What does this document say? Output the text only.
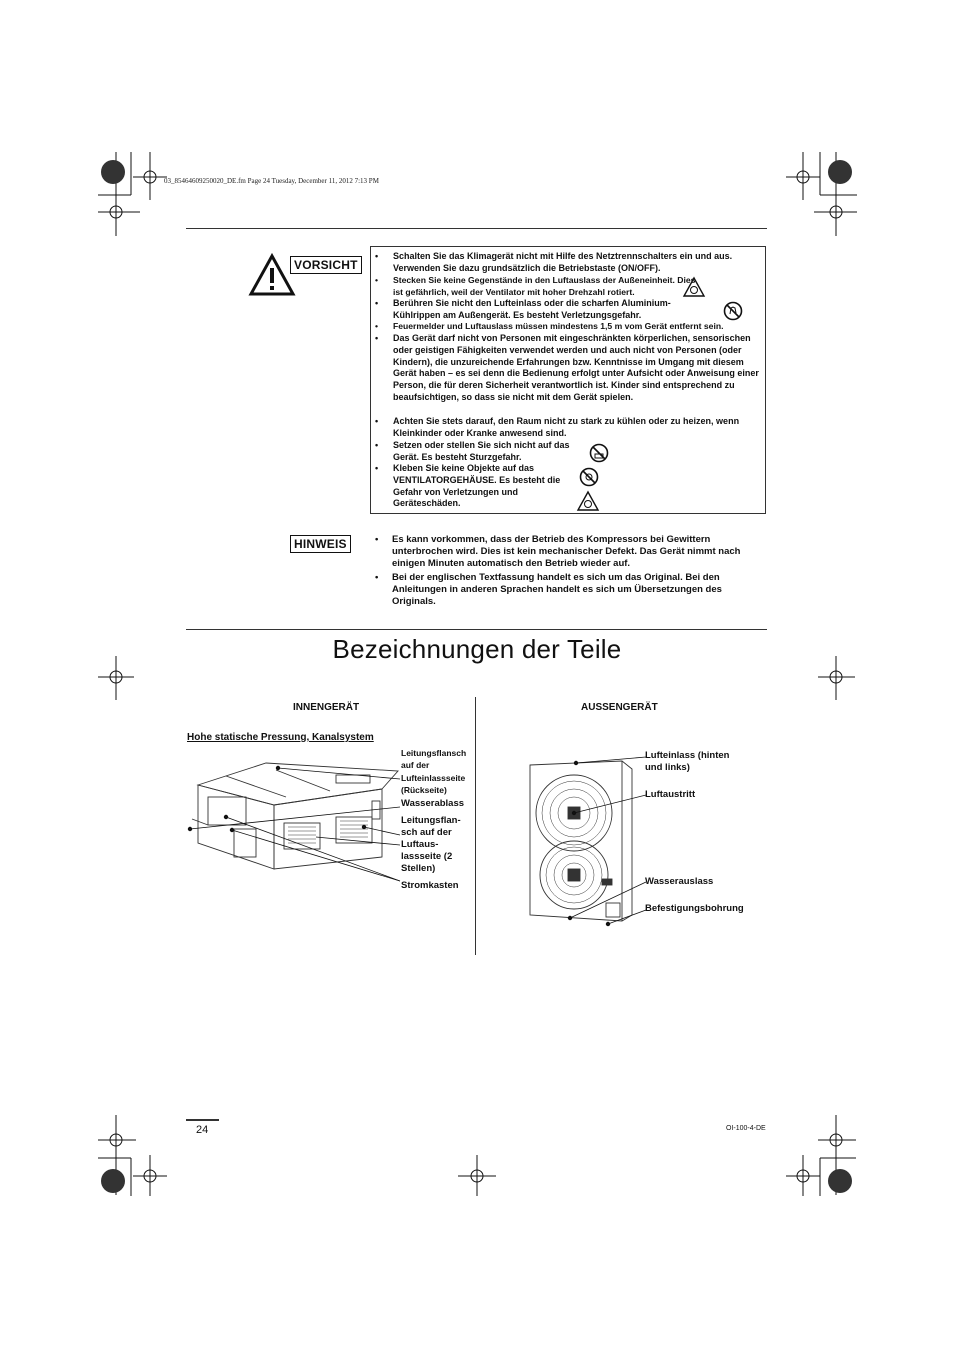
03_85464609250020_DE.fm Page 24 Tuesday, December 11, 2012 7:13 PM
VORSICHT
• Schalten Sie das Klimagerät nicht mit Hilfe des Netztrennschalters ein und aus. Verwenden Sie dazu grundsätzlich die Betriebstaste (ON/OFF).
• Stecken Sie keine Gegenstände in den Luftauslass der Außeneinheit. Dies ist gefährlich, weil der Ventilator mit hoher Drehzahl rotiert.
• Berühren Sie nicht den Lufteinlass oder die scharfen Aluminium-Kühlrippen am Außengerät. Es besteht Verletzungsgefahr.
• Feuermelder und Luftauslass müssen mindestens 1,5 m vom Gerät entfernt sein.
• Das Gerät darf nicht von Personen mit eingeschränkten körperlichen, sensorischen oder geistigen Fähigkeiten verwendet werden und auch nicht von Personen (oder Kindern), die unzureichende Erfahrungen bzw. Kenntnisse im Umgang mit diesem Gerät haben – es sei denn die Bedienung erfolgt unter Aufsicht oder Anweisung einer Person, die für deren Sicherheit verantwortlich ist. Kinder sind entsprechend zu beaufsichtigen, so dass sie nicht mit dem Gerät spielen.
• Achten Sie stets darauf, den Raum nicht zu stark zu kühlen oder zu heizen, wenn Kleinkinder oder Kranke anwesend sind.
• Setzen oder stellen Sie sich nicht auf das Gerät. Es besteht Sturzgefahr.
• Kleben Sie keine Objekte auf das VENTILATORGEHÄUSE. Es besteht die Gefahr von Verletzungen und Geräteschäden.
HINWEIS
•	Es kann vorkommen, dass der Betrieb des Kompressors bei Gewittern unterbrochen wird. Dies ist kein mechanischer Defekt. Das Gerät nimmt nach einigen Minuten automatisch den Betrieb wieder auf.
• Bei der englischen Textfassung handelt es sich um das Original. Bei den Anleitungen in anderen Sprachen handelt es sich um Übersetzungen des Originals.
Bezeichnungen der Teile
INNENGERÄT
Hohe statische Pressung, Kanalsystem
Leitungsflansch auf der Lufteinlassseite (Rückseite)
Wasserablass
Leitungsflan- sch auf der Luftaus- lassseite (2 Stellen)
Stromkasten
AUSSENGERÄT
Lufteinlass (hinten und links)
Luftaustritt
Wasserauslass
Befestigungsbohrung
24	OI-100-4-DE
